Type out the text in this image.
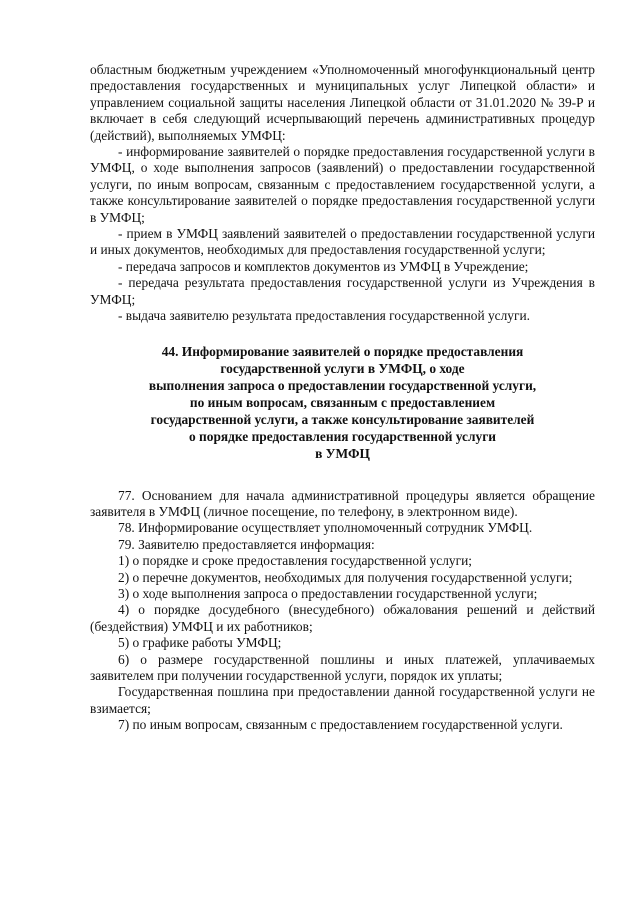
областным бюджетным учреждением «Уполномоченный многофункциональный центр предоставления государственных и муниципальных услуг Липецкой области» и управлением социальной защиты населения Липецкой области от 31.01.2020 № 39-Р и включает в себя следующий исчерпывающий перечень административных процедур (действий), выполняемых УМФЦ:

- информирование заявителей о порядке предоставления государственной услуги в УМФЦ, о ходе выполнения запросов (заявлений) о предоставлении государственной услуги, по иным вопросам, связанным с предоставлением государственной услуги, а также консультирование заявителей о порядке предоставления государственной услуги в УМФЦ;

- прием в УМФЦ заявлений заявителей о предоставлении государственной услуги и иных документов, необходимых для предоставления государственной услуги;

- передача запросов и комплектов документов из УМФЦ в Учреждение;

- передача результата предоставления государственной услуги из Учреждения в УМФЦ;

- выдача заявителю результата предоставления государственной услуги.

44. Информирование заявителей о порядке предоставления
государственной услуги в УМФЦ, о ходе
выполнения запроса о предоставлении государственной услуги,
по иным вопросам, связанным с предоставлением
государственной услуги, а также консультирование заявителей
о порядке предоставления государственной услуги
в УМФЦ

77. Основанием для начала административной процедуры является обращение заявителя в УМФЦ (личное посещение, по телефону, в электронном виде).

78. Информирование осуществляет уполномоченный сотрудник УМФЦ.

79. Заявителю предоставляется информация:

1) о порядке и сроке предоставления государственной услуги;

2) о перечне документов, необходимых для получения государственной услуги;

3) о ходе выполнения запроса о предоставлении государственной услуги;

4) о порядке досудебного (внесудебного) обжалования решений и действий (бездействия) УМФЦ и их работников;

5) о графике работы УМФЦ;

6) о размере государственной пошлины и иных платежей, уплачиваемых заявителем при получении государственной услуги, порядок их уплаты;

Государственная пошлина при предоставлении данной государственной услуги не взимается;

7) по иным вопросам, связанным с предоставлением государственной услуги.
